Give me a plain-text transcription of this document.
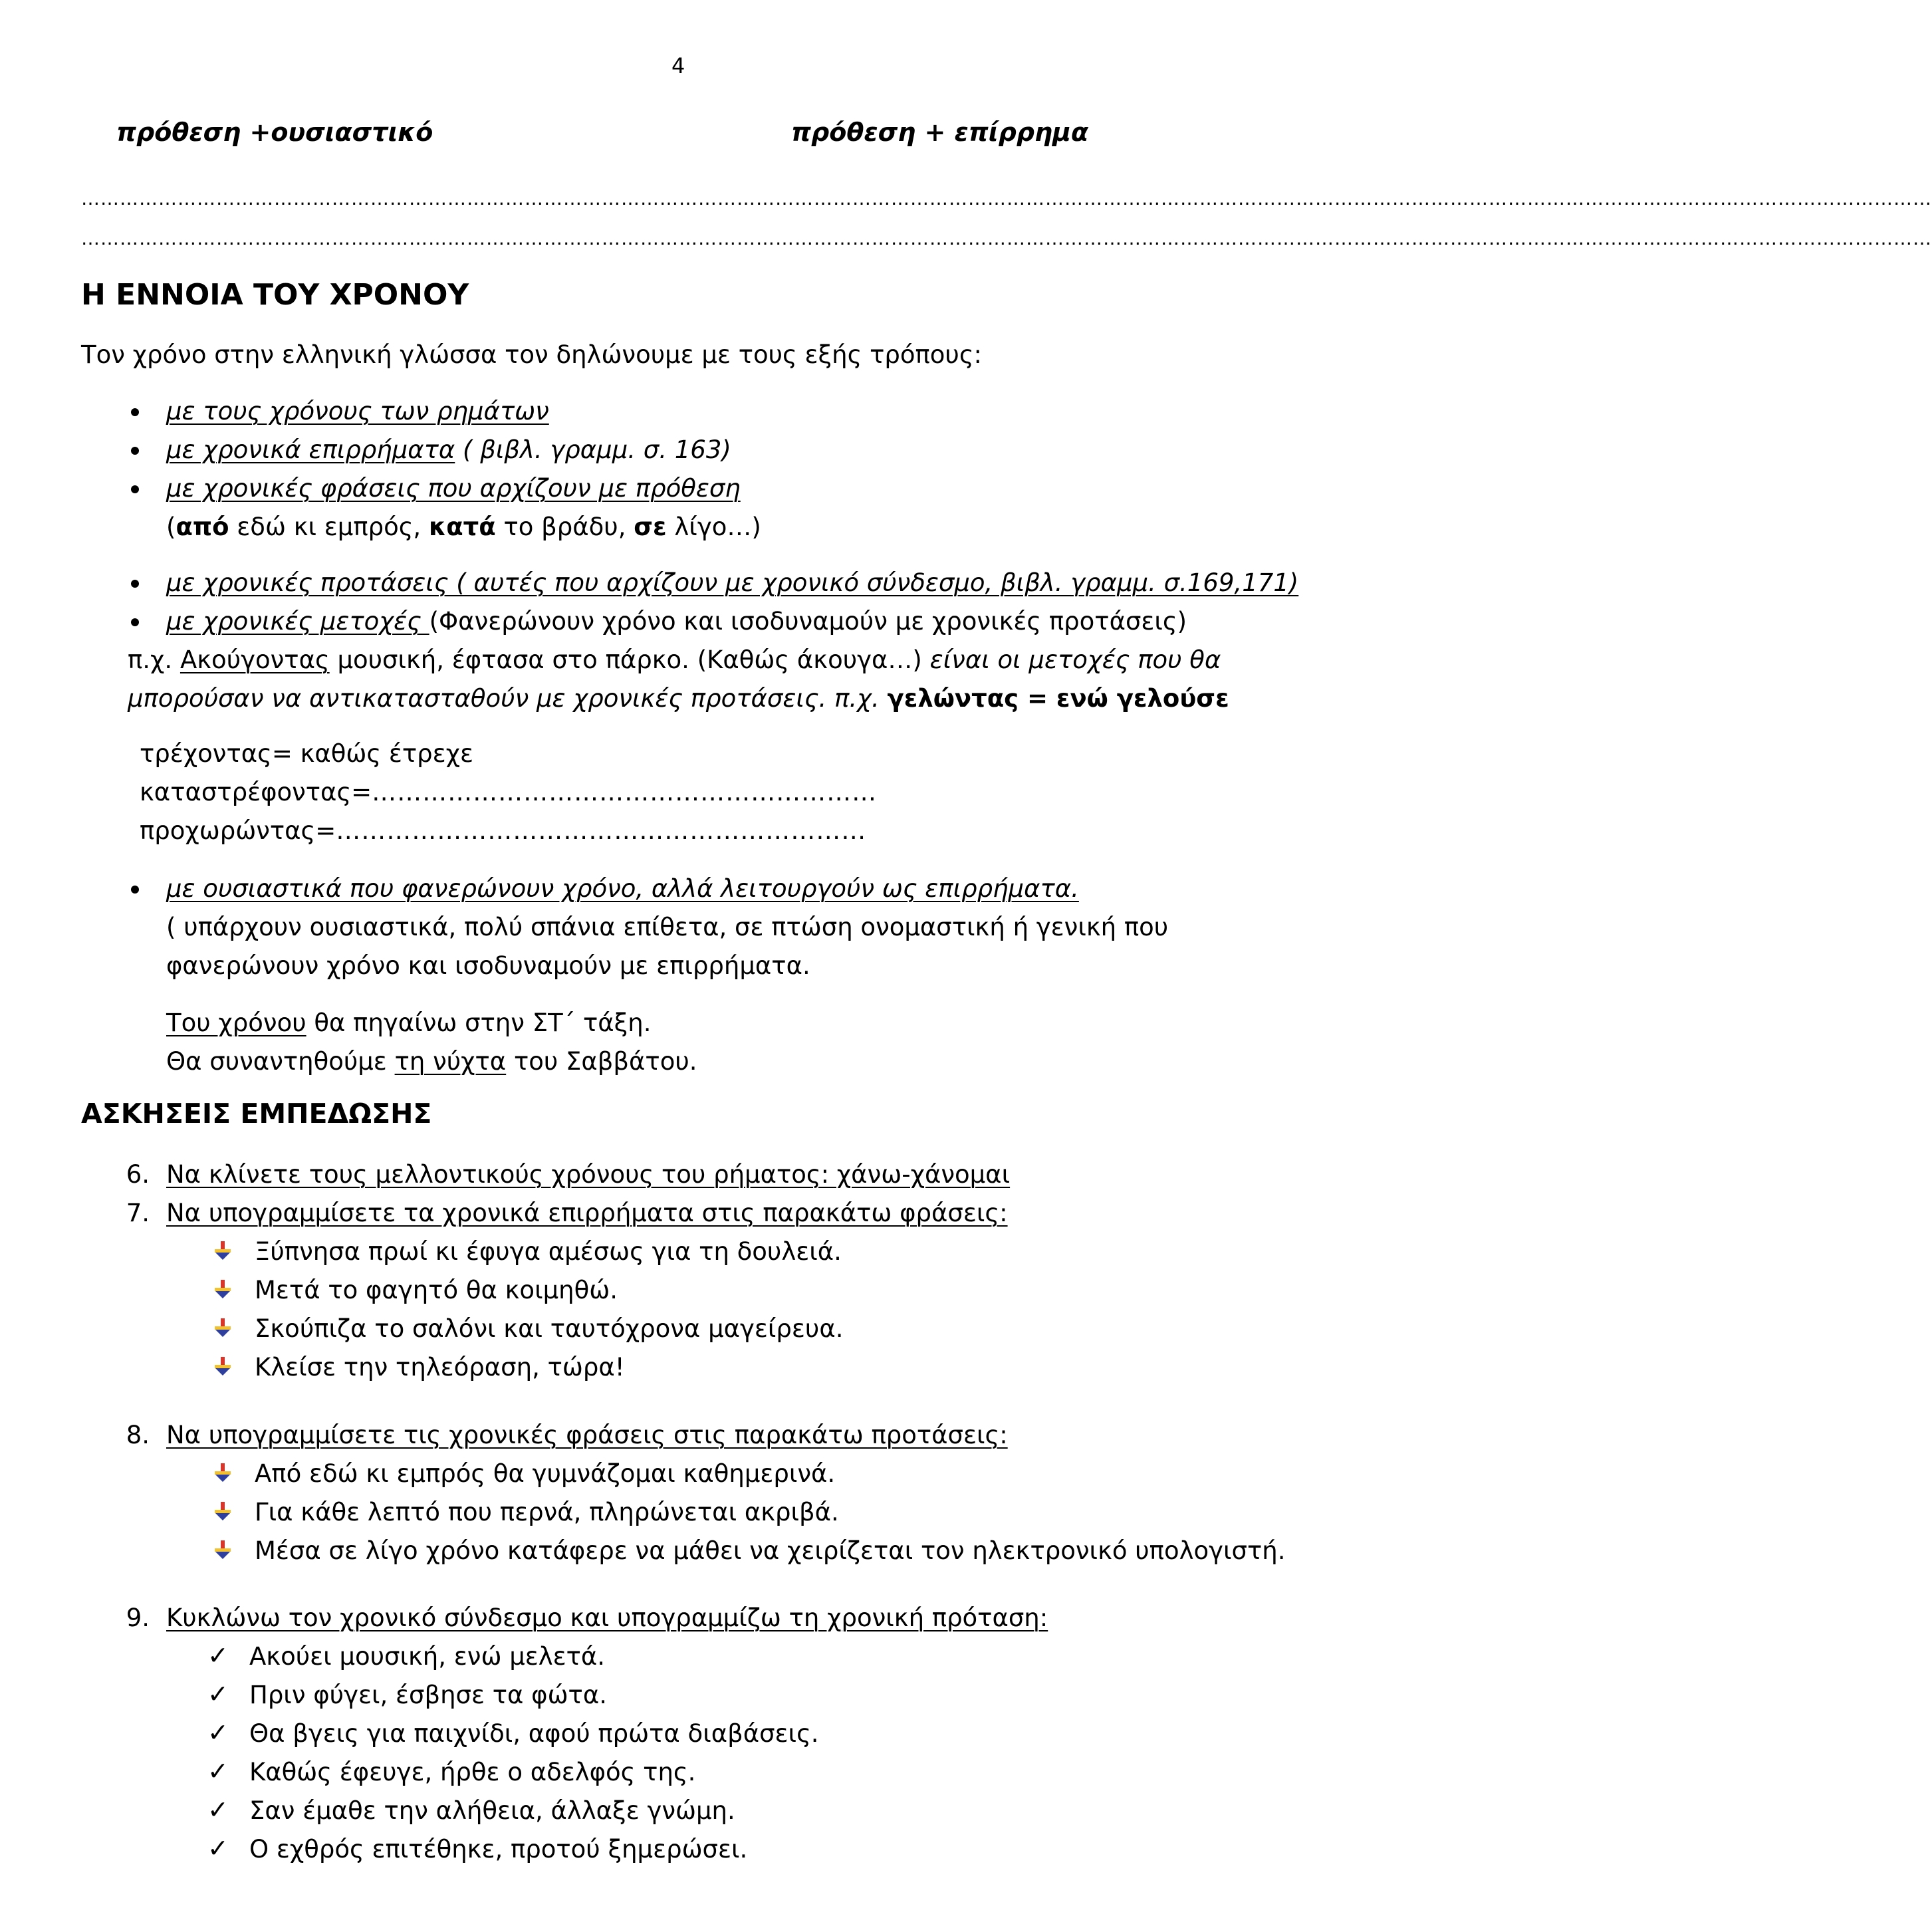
4
πρόθεση +ουσιαστικό	πρόθεση + επίρρημα
………………………………………………………………………………………………………………………………………………………………………………………………………………………………………………………………
………………………………………………………………………………………………………………………………………………………………………………………………………………………………………………………………
Η ΕΝΝΟΙΑ ΤΟΥ ΧΡΟΝΟΥ
Τον χρόνο στην ελληνική γλώσσα τον δηλώνουμε με τους εξής τρόπους:
τρέχοντας= καθώς έτρεχε
καταστρέφοντας=……………………………………………………
προχωρώντας=………………………………………………………
ΑΣΚΗΣΕΙΣ ΕΜΠΕΔΩΣΗΣ
με τους χρόνους των ρημάτων
με χρονικά επιρρήματα ( βιβλ. γραμμ. σ. 163)
με χρονικές φράσεις που αρχίζουν με πρόθεση
(από εδώ κι εμπρός, κατά το βράδυ, σε λίγο…)
με χρονικές προτάσεις ( αυτές που αρχίζουν με χρονικό σύνδεσμο, βιβλ. γραμμ. σ.169,171)
με χρονικές μετοχές (Φανερώνουν χρόνο και ισοδυναμούν με χρονικές προτάσεις)
π.χ. Ακούγοντας μουσική, έφτασα στο πάρκο. (Καθώς άκουγα…) είναι οι μετοχές που θα
μπορούσαν να αντικατασταθούν με χρονικές προτάσεις. π.χ. γελώντας = ενώ γελούσε
με ουσιαστικά που φανερώνουν χρόνο, αλλά λειτουργούν ως επιρρήματα.
( υπάρχουν ουσιαστικά, πολύ σπάνια επίθετα, σε πτώση ονομαστική ή γενική που
φανερώνουν χρόνο και ισοδυναμούν με επιρρήματα.
Του χρόνου θα πηγαίνω στην ΣΤ΄ τάξη.
Θα συναντηθούμε τη νύχτα του Σαββάτου.
6. Να κλίνετε τους μελλοντικούς χρόνους του ρήματος: χάνω-χάνομαι
7. Να υπογραμμίσετε τα χρονικά επιρρήματα στις παρακάτω φράσεις:
Ξύπνησα πρωί κι έφυγα αμέσως για τη δουλειά.
Μετά το φαγητό θα κοιμηθώ.
Σκούπιζα το σαλόνι και ταυτόχρονα μαγείρευα.
Κλείσε την τηλεόραση, τώρα!
8. Να υπογραμμίσετε τις χρονικές φράσεις στις παρακάτω προτάσεις:
Από εδώ κι εμπρός θα γυμνάζομαι καθημερινά.
Για κάθε λεπτό που περνά, πληρώνεται ακριβά.
Μέσα σε λίγο χρόνο κατάφερε να μάθει να χειρίζεται τον ηλεκτρονικό υπολογιστή.
9. Κυκλώνω τον χρονικό σύνδεσμο και υπογραμμίζω τη χρονική πρόταση:
✓ Ακούει μουσική, ενώ μελετά.
✓ Πριν φύγει, έσβησε τα φώτα.
✓ Θα βγεις για παιχνίδι, αφού πρώτα διαβάσεις.
✓ Καθώς έφευγε, ήρθε ο αδελφός της.
✓ Σαν έμαθε την αλήθεια, άλλαξε γνώμη.
✓ Ο εχθρός επιτέθηκε, προτού ξημερώσει.
